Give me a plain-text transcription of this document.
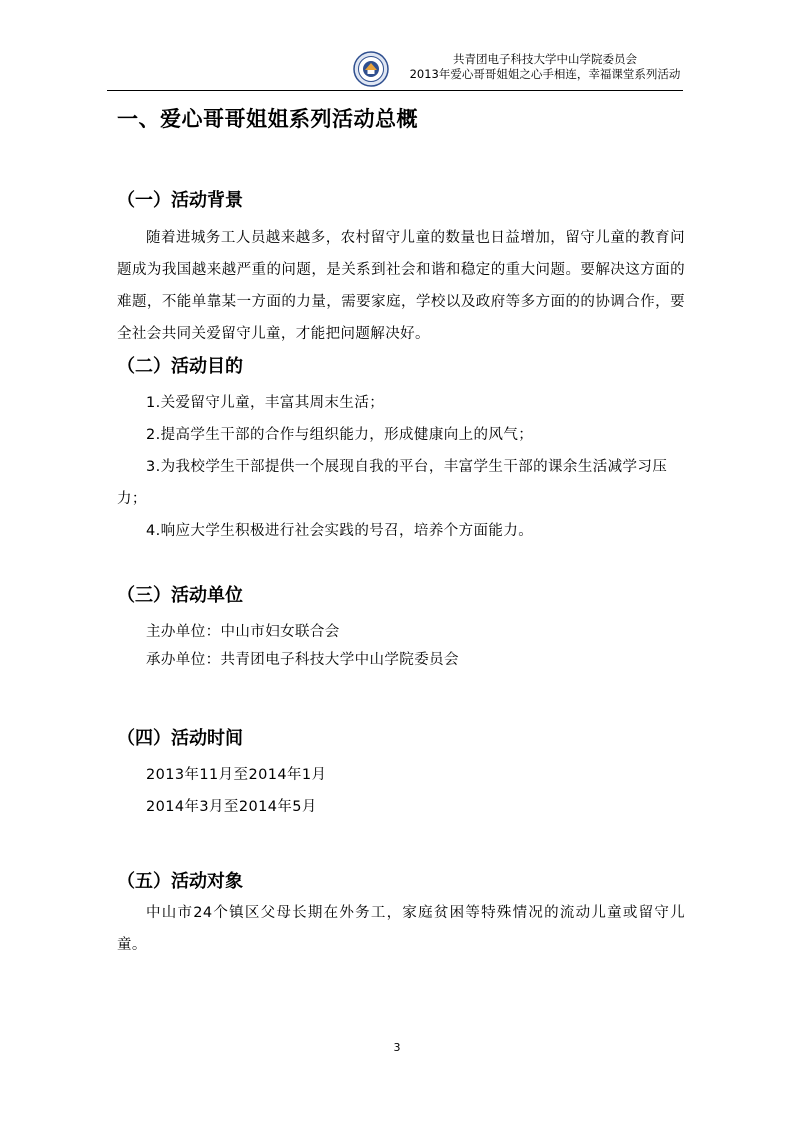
共青团电子科技大学中山学院委员会
2013年爱心哥哥姐姐之心手相连，幸福课堂系列活动
一、爱心哥哥姐姐系列活动总概
（一）活动背景
随着进城务工人员越来越多，农村留守儿童的数量也日益增加，留守儿童的教育问题成为我国越来越严重的问题，是关系到社会和谐和稳定的重大问题。要解决这方面的难题，不能单靠某一方面的力量，需要家庭，学校以及政府等多方面的的协调合作，要全社会共同关爱留守儿童，才能把问题解决好。
（二）活动目的
1.关爱留守儿童，丰富其周末生活；
2.提高学生干部的合作与组织能力，形成健康向上的风气；
3.为我校学生干部提供一个展现自我的平台，丰富学生干部的课余生活减学习压力；
4.响应大学生积极进行社会实践的号召，培养个方面能力。
（三）活动单位
主办单位：中山市妇女联合会
承办单位：共青团电子科技大学中山学院委员会
（四）活动时间
2013年11月至2014年1月
2014年3月至2014年5月
（五）活动对象
中山市24个镇区父母长期在外务工，家庭贫困等特殊情况的流动儿童或留守儿童。
3
